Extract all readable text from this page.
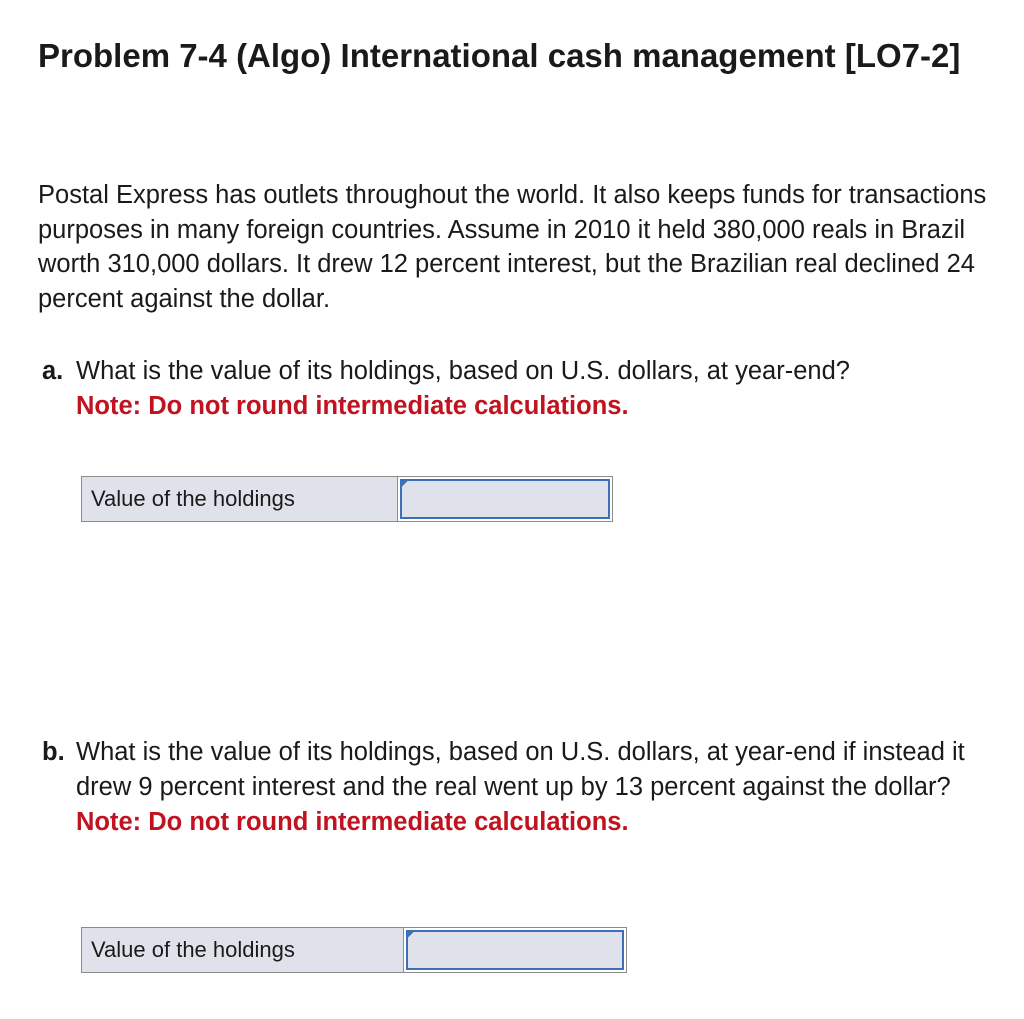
Problem 7-4 (Algo) International cash management [LO7-2]

Postal Express has outlets throughout the world. It also keeps funds for transactions purposes in many foreign countries. Assume in 2010 it held 380,000 reals in Brazil worth 310,000 dollars. It drew 12 percent interest, but the Brazilian real declined 24 percent against the dollar.

a. What is the value of its holdings, based on U.S. dollars, at year-end?
Note: Do not round intermediate calculations.
Value of the holdings
b. What is the value of its holdings, based on U.S. dollars, at year-end if instead it drew 9 percent interest and the real went up by 13 percent against the dollar?
Note: Do not round intermediate calculations.
Value of the holdings
